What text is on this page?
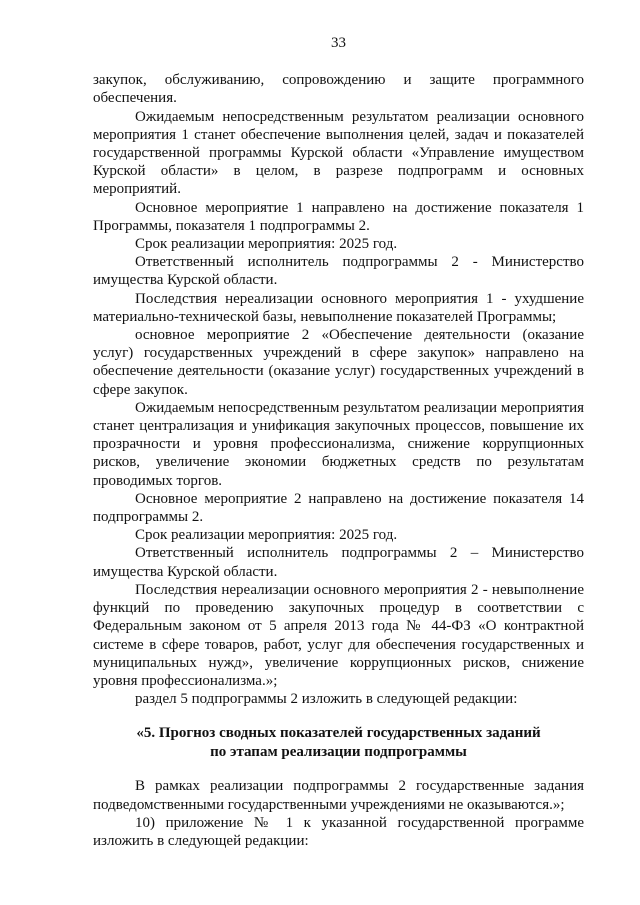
33

закупок, обслуживанию, сопровождению и защите программного обеспечения.

Ожидаемым непосредственным результатом реализации основного мероприятия 1 станет обеспечение выполнения целей, задач и показателей государственной программы Курской области «Управление имуществом Курской области» в целом, в разрезе подпрограмм и основных мероприятий.

Основное мероприятие 1 направлено на достижение показателя 1 Программы, показателя 1 подпрограммы 2.

Срок реализации мероприятия: 2025 год.

Ответственный исполнитель подпрограммы 2 - Министерство имущества Курской области.

Последствия нереализации основного мероприятия 1 - ухудшение материально-технической базы, невыполнение показателей Программы;

основное мероприятие 2 «Обеспечение деятельности (оказание услуг) государственных учреждений в сфере закупок» направлено на обеспечение деятельности (оказание услуг) государственных учреждений в сфере закупок.

Ожидаемым непосредственным результатом реализации мероприятия станет централизация и унификация закупочных процессов, повышение их прозрачности и уровня профессионализма, снижение коррупционных рисков, увеличение экономии бюджетных средств по результатам проводимых торгов.

Основное мероприятие 2 направлено на достижение показателя 14 подпрограммы 2.

Срок реализации мероприятия: 2025 год.

Ответственный исполнитель подпрограммы 2 – Министерство имущества Курской области.

Последствия нереализации основного мероприятия 2 - невыполнение функций по проведению закупочных процедур в соответствии с Федеральным законом от 5 апреля 2013 года № 44-ФЗ «О контрактной системе в сфере товаров, работ, услуг для обеспечения государственных и муниципальных нужд», увеличение коррупционных рисков, снижение уровня профессионализма.»;

раздел 5 подпрограммы 2 изложить в следующей редакции:

«5. Прогноз сводных показателей государственных заданий
по этапам реализации подпрограммы

В рамках реализации подпрограммы 2 государственные задания подведомственными государственными учреждениями не оказываются.»;

10) приложение № 1 к указанной государственной программе изложить в следующей редакции:
